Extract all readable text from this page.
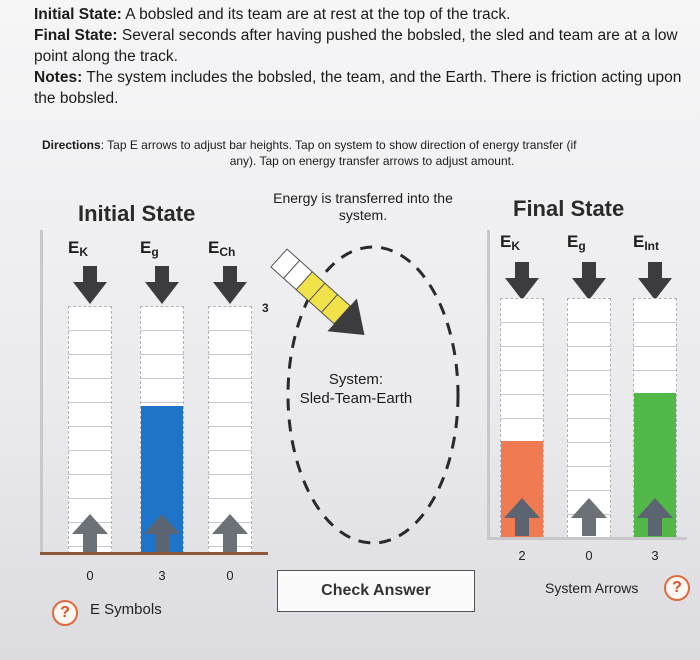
Initial State: A bobsled and its team are at rest at the top of the track.
Final State: Several seconds after having pushed the bobsled, the sled and team are at a low point along the track.
Notes: The system includes the bobsled, the team, and the Earth. There is friction acting upon the bobsled.
Directions: Tap E arrows to adjust bar heights. Tap on system to show direction of energy transfer (if
any). Tap on energy transfer arrows to adjust amount.
Initial State
$E_K$
0
$E_g$
3
$E_{Ch}$
0
Final State
$E_K$
2
$E_g$
0
$E_{Int}$
3
Energy is transferred into the system.
3
System:
Sled-Team-Earth
?	E Symbols
Check Answer	System Arrows	?
